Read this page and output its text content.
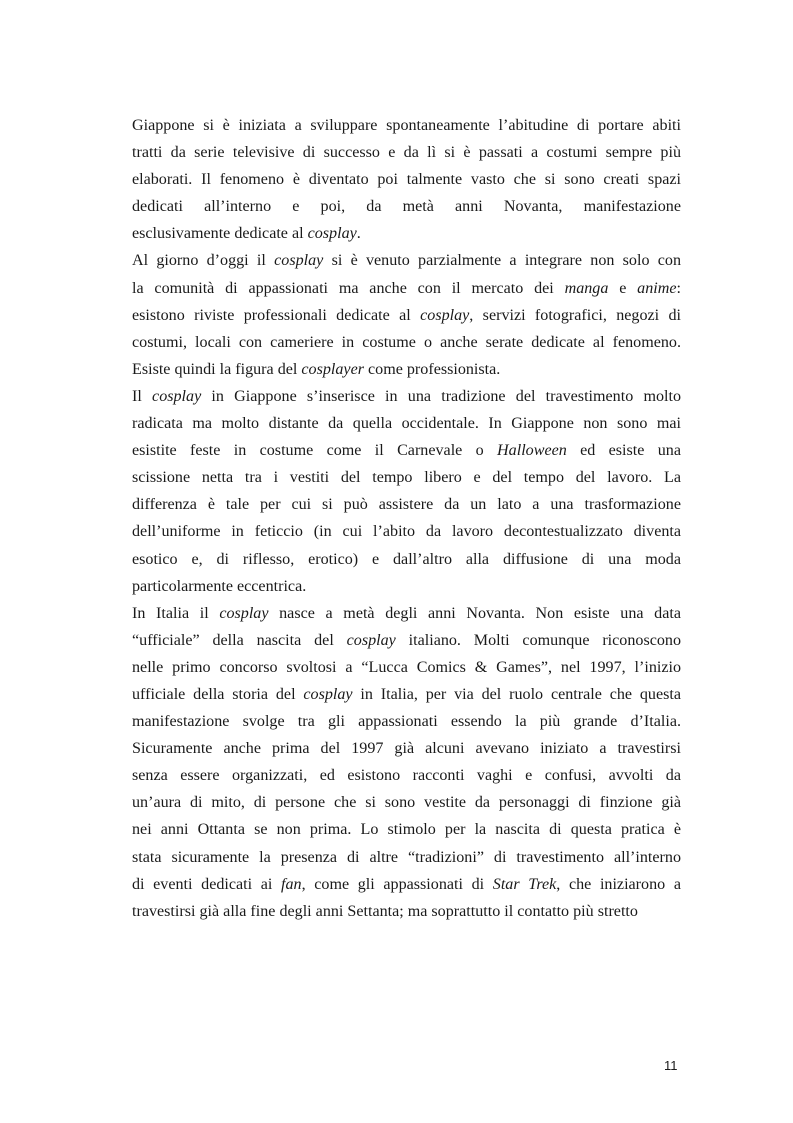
Giappone si è iniziata a sviluppare spontaneamente l’abitudine di portare abiti
tratti da serie televisive di successo e da lì si è passati a costumi sempre più
elaborati. Il fenomeno è diventato poi talmente vasto che si sono creati spazi
dedicati all’interno e poi, da metà anni Novanta, manifestazione
esclusivamente dedicate al cosplay.
Al giorno d’oggi il cosplay si è venuto parzialmente a integrare non solo con
la comunità di appassionati ma anche con il mercato dei manga e anime:
esistono riviste professionali dedicate al cosplay, servizi fotografici, negozi di
costumi, locali con cameriere in costume o anche serate dedicate al fenomeno.
Esiste quindi la figura del cosplayer come professionista.
Il cosplay in Giappone s’inserisce in una tradizione del travestimento molto
radicata ma molto distante da quella occidentale. In Giappone non sono mai
esistite feste in costume come il Carnevale o Halloween ed esiste una
scissione netta tra i vestiti del tempo libero e del tempo del lavoro. La
differenza è tale per cui si può assistere da un lato a una trasformazione
dell’uniforme in feticcio (in cui l’abito da lavoro decontestualizzato diventa
esotico e, di riflesso, erotico) e dall’altro alla diffusione di una moda
particolarmente eccentrica.
In Italia il cosplay nasce a metà degli anni Novanta. Non esiste una data
“ufficiale” della nascita del cosplay italiano. Molti comunque riconoscono
nelle primo concorso svoltosi a “Lucca Comics & Games”, nel 1997, l’inizio
ufficiale della storia del cosplay in Italia, per via del ruolo centrale che questa
manifestazione svolge tra gli appassionati essendo la più grande d’Italia.
Sicuramente anche prima del 1997 già alcuni avevano iniziato a travestirsi
senza essere organizzati, ed esistono racconti vaghi e confusi, avvolti da
un’aura di mito, di persone che si sono vestite da personaggi di finzione già
nei anni Ottanta se non prima. Lo stimolo per la nascita di questa pratica è
stata sicuramente la presenza di altre “tradizioni” di travestimento all’interno
di eventi dedicati ai fan, come gli appassionati di Star Trek, che iniziarono a
travestirsi già alla fine degli anni Settanta; ma soprattutto il contatto più stretto
11
